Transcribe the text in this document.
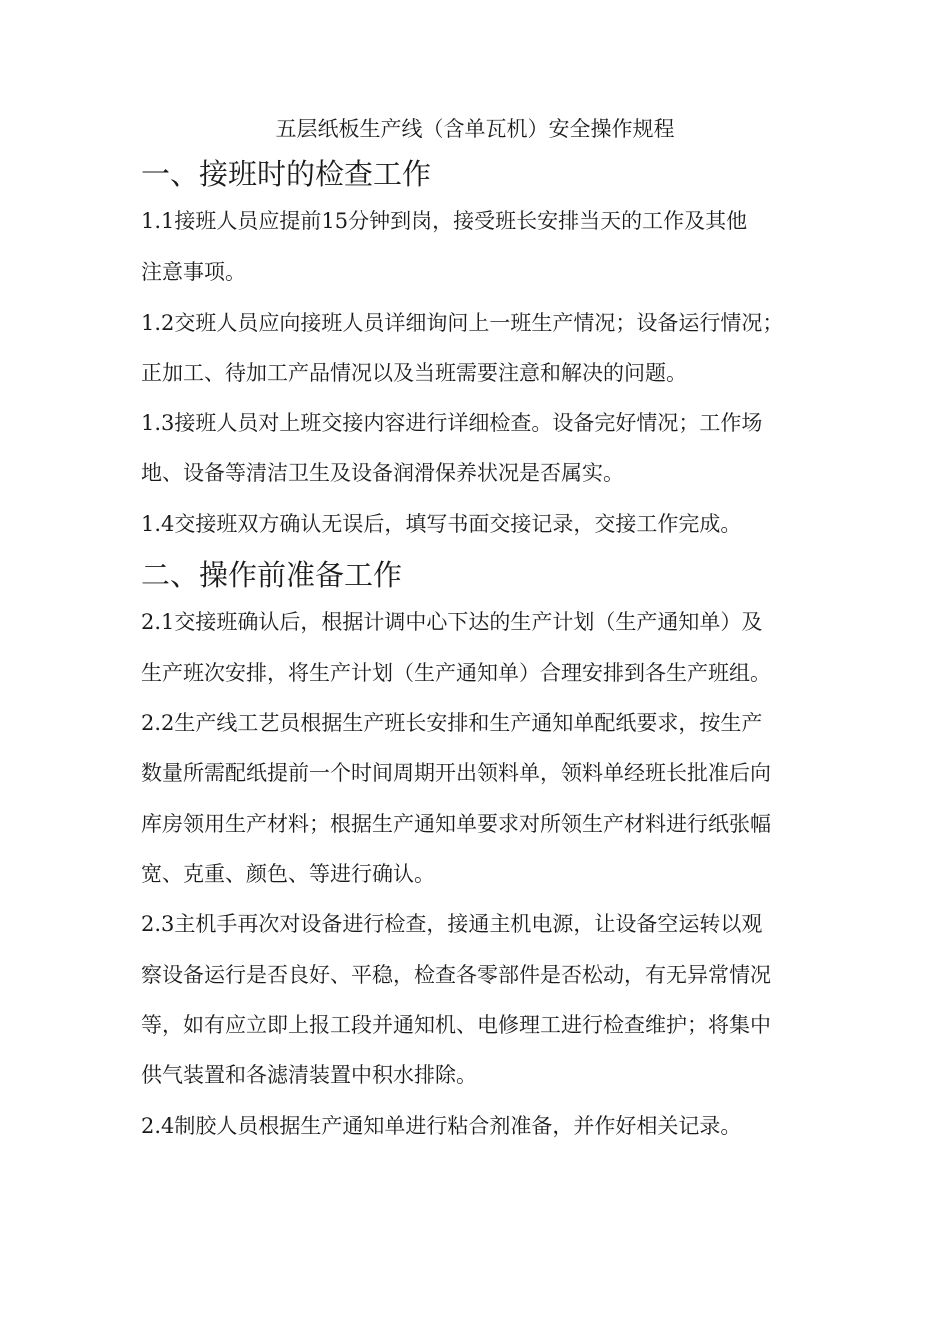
五层纸板生产线（含单瓦机）安全操作规程
一、接班时的检查工作
1.1接班人员应提前15分钟到岗，接受班长安排当天的工作及其他
注意事项。
1.2交班人员应向接班人员详细询问上一班生产情况；设备运行情况；
正加工、待加工产品情况以及当班需要注意和解决的问题。
1.3接班人员对上班交接内容进行详细检查。设备完好情况；工作场
地、设备等清洁卫生及设备润滑保养状况是否属实。
1.4交接班双方确认无误后，填写书面交接记录，交接工作完成。
二、操作前准备工作
2.1交接班确认后，根据计调中心下达的生产计划（生产通知单）及
生产班次安排，将生产计划（生产通知单）合理安排到各生产班组。
2.2生产线工艺员根据生产班长安排和生产通知单配纸要求，按生产
数量所需配纸提前一个时间周期开出领料单，领料单经班长批准后向
库房领用生产材料；根据生产通知单要求对所领生产材料进行纸张幅
宽、克重、颜色、等进行确认。
2.3主机手再次对设备进行检查，接通主机电源，让设备空运转以观
察设备运行是否良好、平稳，检查各零部件是否松动，有无异常情况
等，如有应立即上报工段并通知机、电修理工进行检查维护；将集中
供气装置和各滤清装置中积水排除。
2.4制胶人员根据生产通知单进行粘合剂准备，并作好相关记录。
